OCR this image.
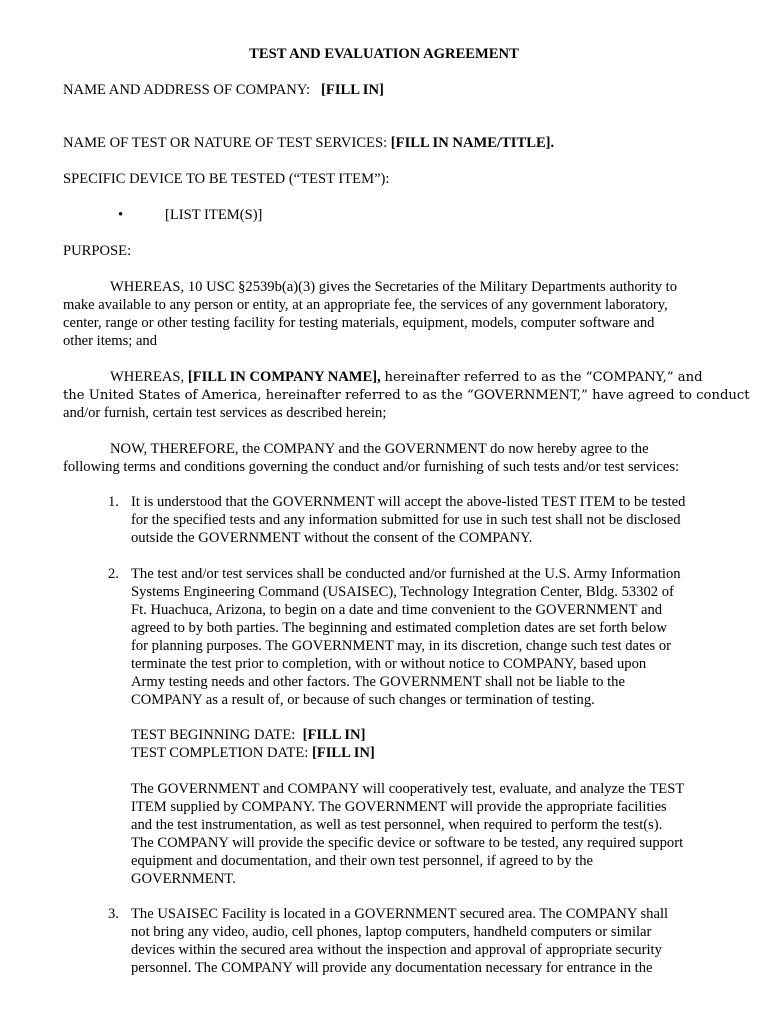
TEST AND EVALUATION AGREEMENT

NAME AND ADDRESS OF COMPANY: [FILL IN]

NAME OF TEST OR NATURE OF TEST SERVICES: [FILL IN NAME/TITLE].

SPECIFIC DEVICE TO BE TESTED (“TEST ITEM”):

•	[LIST ITEM(S)]

PURPOSE:

WHEREAS, 10 USC §2539b(a)(3) gives the Secretaries of the Military Departments authority to

make available to any person or entity, at an appropriate fee, the services of any government laboratory,

center, range or other testing facility for testing materials, equipment, models, computer software and

other items; and

WHEREAS, [FILL IN COMPANY NAME], hereinafter referred to as the “COMPANY,” and

the United States of America, hereinafter referred to as the “GOVERNMENT,” have agreed to conduct

and/or furnish, certain test services as described herein;

NOW, THEREFORE, the COMPANY and the GOVERNMENT do now hereby agree to the

following terms and conditions governing the conduct and/or furnishing of such tests and/or test services:

1. It is understood that the GOVERNMENT will accept the above-listed TEST ITEM to be tested

for the specified tests and any information submitted for use in such test shall not be disclosed

outside the GOVERNMENT without the consent of the COMPANY.

2. The test and/or test services shall be conducted and/or furnished at the U.S. Army Information

Systems Engineering Command (USAISEC), Technology Integration Center, Bldg. 53302 of

Ft. Huachuca, Arizona, to begin on a date and time convenient to the GOVERNMENT and

agreed to by both parties. The beginning and estimated completion dates are set forth below

for planning purposes. The GOVERNMENT may, in its discretion, change such test dates or

terminate the test prior to completion, with or without notice to COMPANY, based upon

Army testing needs and other factors. The GOVERNMENT shall not be liable to the

COMPANY as a result of, or because of such changes or termination of testing.

TEST BEGINNING DATE: [FILL IN]

TEST COMPLETION DATE: [FILL IN]

The GOVERNMENT and COMPANY will cooperatively test, evaluate, and analyze the TEST

ITEM supplied by COMPANY. The GOVERNMENT will provide the appropriate facilities

and the test instrumentation, as well as test personnel, when required to perform the test(s).

The COMPANY will provide the specific device or software to be tested, any required support

equipment and documentation, and their own test personnel, if agreed to by the

GOVERNMENT.

3. The USAISEC Facility is located in a GOVERNMENT secured area. The COMPANY shall

not bring any video, audio, cell phones, laptop computers, handheld computers or similar

devices within the secured area without the inspection and approval of appropriate security

personnel. The COMPANY will provide any documentation necessary for entrance in the
